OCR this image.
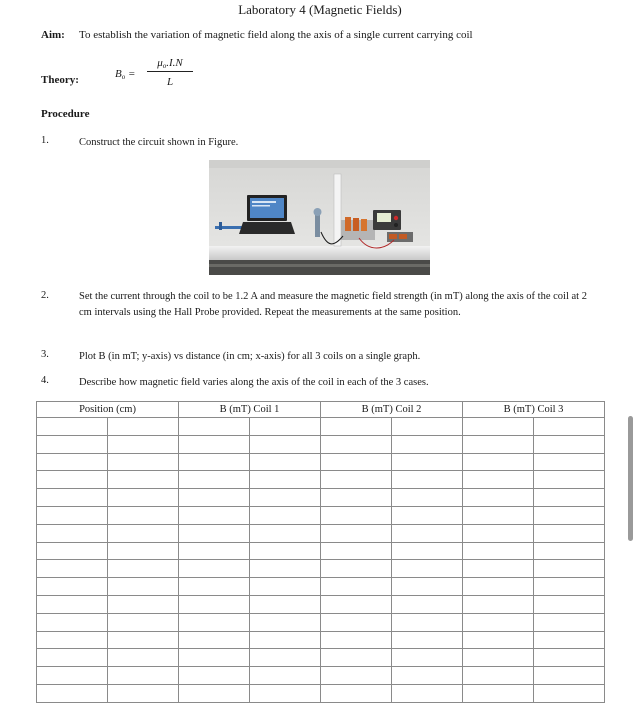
Laboratory 4 (Magnetic Fields)
Aim: To establish the variation of magnetic field along the axis of a single current carrying coil
Theory:	$B_o = \frac{\mu_o.I.N}{L}$
Procedure
1.	Construct the circuit shown in Figure.
2.	Set the current through the coil to be 1.2 A and measure the magnetic field strength (in mT) along the axis of the coil at 2 cm intervals using the Hall Probe provided. Repeat the measurements at the same position.
3.	Plot B (in mT; y-axis) vs distance (in cm; x-axis) for all 3 coils on a single graph.
4.	Describe how magnetic field varies along the axis of the coil in each of the 3 cases.
Position (cm)		B (mT) Coil 1		B (mT) Coil 2		B (mT) Coil 3	
